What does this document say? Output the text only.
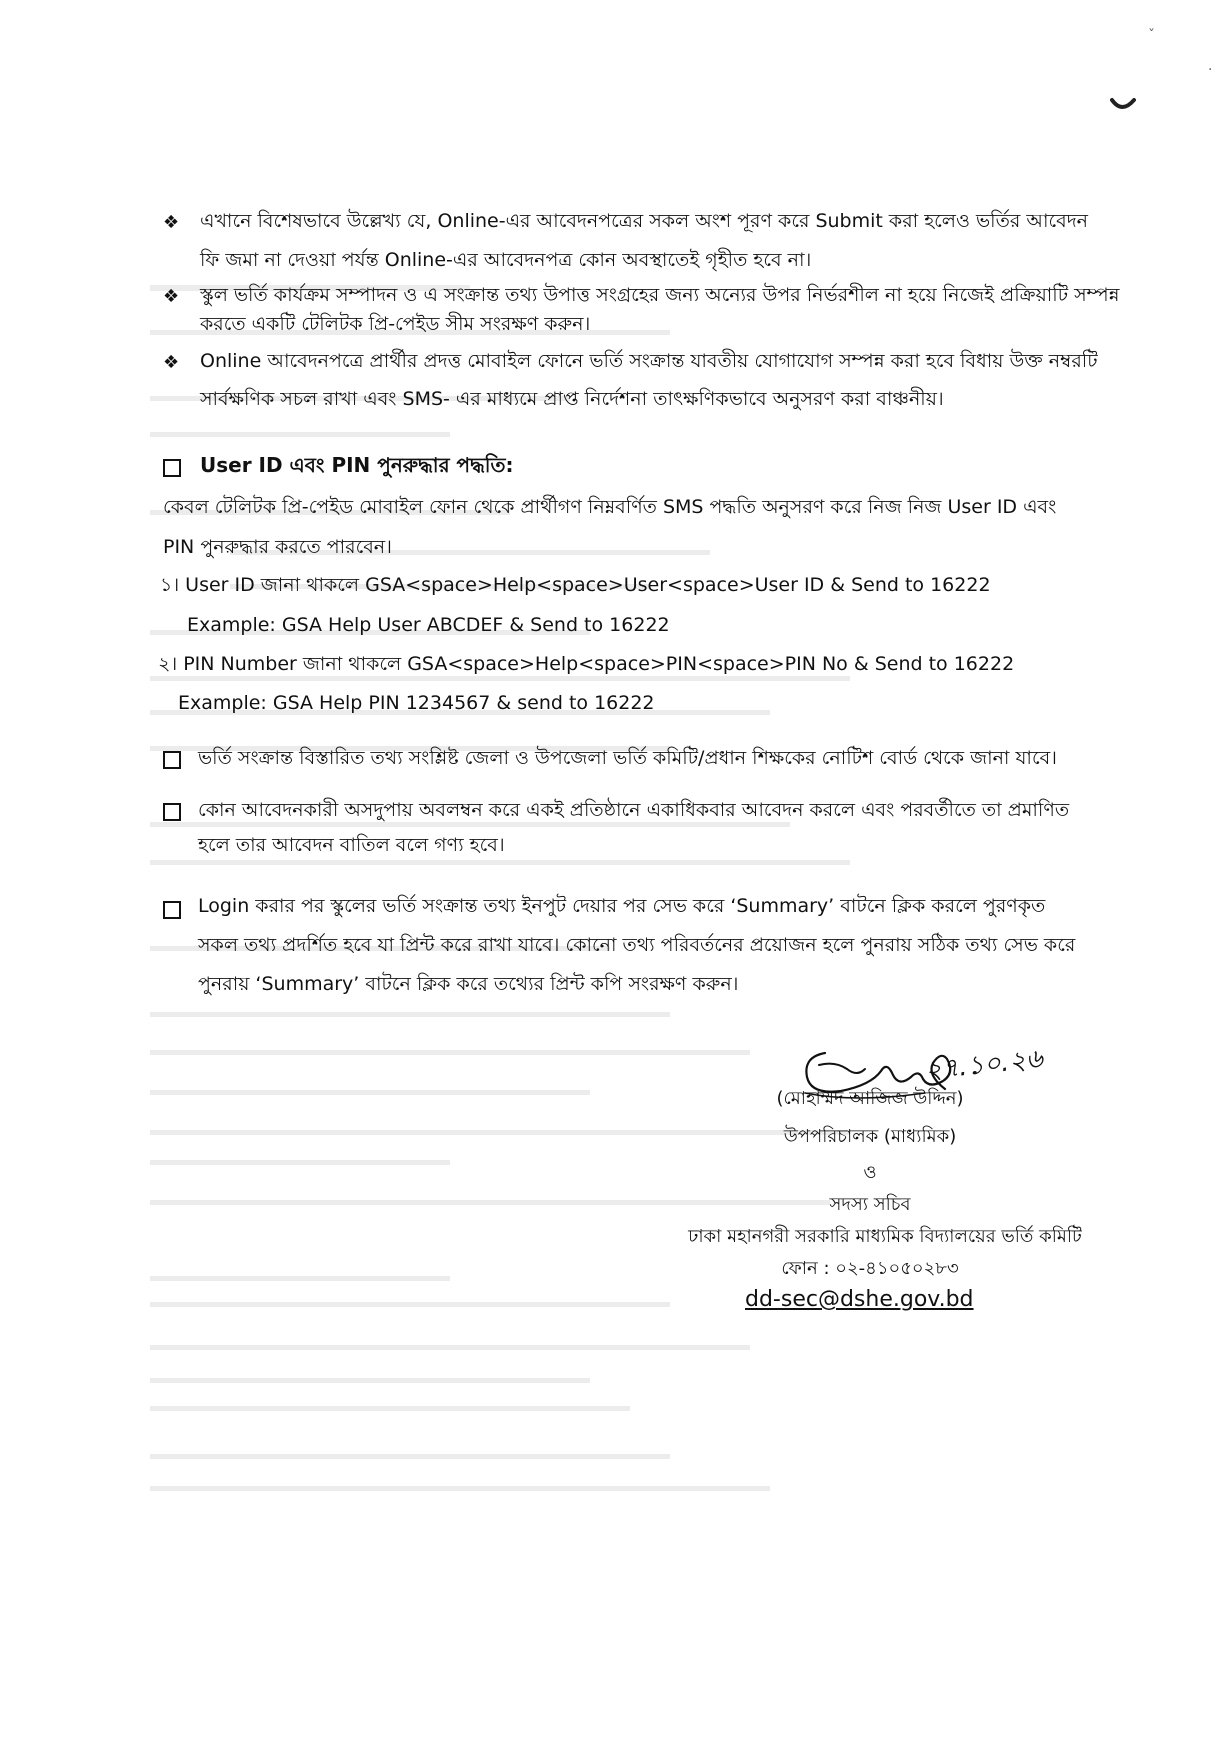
ˇ
·
❖ এখানে বিশেষভাবে উল্লেখ্য যে, Online-এর আবেদনপত্রের সকল অংশ পূরণ করে Submit করা হলেও ভর্তির আবেদন
ফি জমা না দেওয়া পর্যন্ত Online-এর আবেদনপত্র কোন অবস্থাতেই গৃহীত হবে না।
❖ স্কুল ভর্তি কার্যক্রম সম্পাদন ও এ সংক্রান্ত তথ্য উপাত্ত সংগ্রহের জন্য অন্যের উপর নির্ভরশীল না হয়ে নিজেই প্রক্রিয়াটি সম্পন্ন
করতে একটি টেলিটক প্রি-পেইড সীম সংরক্ষণ করুন।
❖ Online আবেদনপত্রে প্রার্থীর প্রদত্ত মোবাইল ফোনে ভর্তি সংক্রান্ত যাবতীয় যোগাযোগ সম্পন্ন করা হবে বিধায় উক্ত নম্বরটি
সার্বক্ষণিক সচল রাখা এবং SMS- এর মাধ্যমে প্রাপ্ত নির্দেশনা তাৎক্ষণিকভাবে অনুসরণ করা বাঞ্চনীয়।
User ID এবং PIN পুনরুদ্ধার পদ্ধতি:
কেবল টেলিটক প্রি-পেইড মোবাইল ফোন থেকে প্রার্থীগণ নিম্নবর্ণিত SMS পদ্ধতি অনুসরণ করে নিজ নিজ User ID এবং
PIN পুনরুদ্ধার করতে পারবেন।
১। User ID জানা থাকলে GSA<space>Help<space>User<space>User ID & Send to 16222
Example: GSA Help User ABCDEF & Send to 16222
২। PIN Number জানা থাকলে GSA<space>Help<space>PIN<space>PIN No & Send to 16222
Example: GSA Help PIN 1234567 & send to 16222
ভর্তি সংক্রান্ত বিস্তারিত তথ্য সংশ্লিষ্ট জেলা ও উপজেলা ভর্তি কমিটি/প্রধান শিক্ষকের নোটিশ বোর্ড থেকে জানা যাবে।
কোন আবেদনকারী অসদুপায় অবলম্বন করে একই প্রতিষ্ঠানে একাধিকবার আবেদন করলে এবং পরবর্তীতে তা প্রমাণিত
হলে তার আবেদন বাতিল বলে গণ্য হবে।
Login করার পর স্কুলের ভর্তি সংক্রান্ত তথ্য ইনপুট দেয়ার পর সেভ করে ‘Summary’ বাটনে ক্লিক করলে পুরণকৃত
সকল তথ্য প্রদর্শিত হবে যা প্রিন্ট করে রাখা যাবে। কোনো তথ্য পরিবর্তনের প্রয়োজন হলে পুনরায় সঠিক তথ্য সেভ করে
পুনরায় ‘Summary’ বাটনে ক্লিক করে তথ্যের প্রিন্ট কপি সংরক্ষণ করুন।
২৭.১০.২৬
(মোহাম্মদ আজিজ উদ্দিন)
উপপরিচালক (মাধ্যমিক)
ও
সদস্য সচিব
ঢাকা মহানগরী সরকারি মাধ্যমিক বিদ্যালয়ের ভর্তি কমিটি
ফোন : ০২-৪১০৫০২৮৩
dd-sec@dshe.gov.bd
